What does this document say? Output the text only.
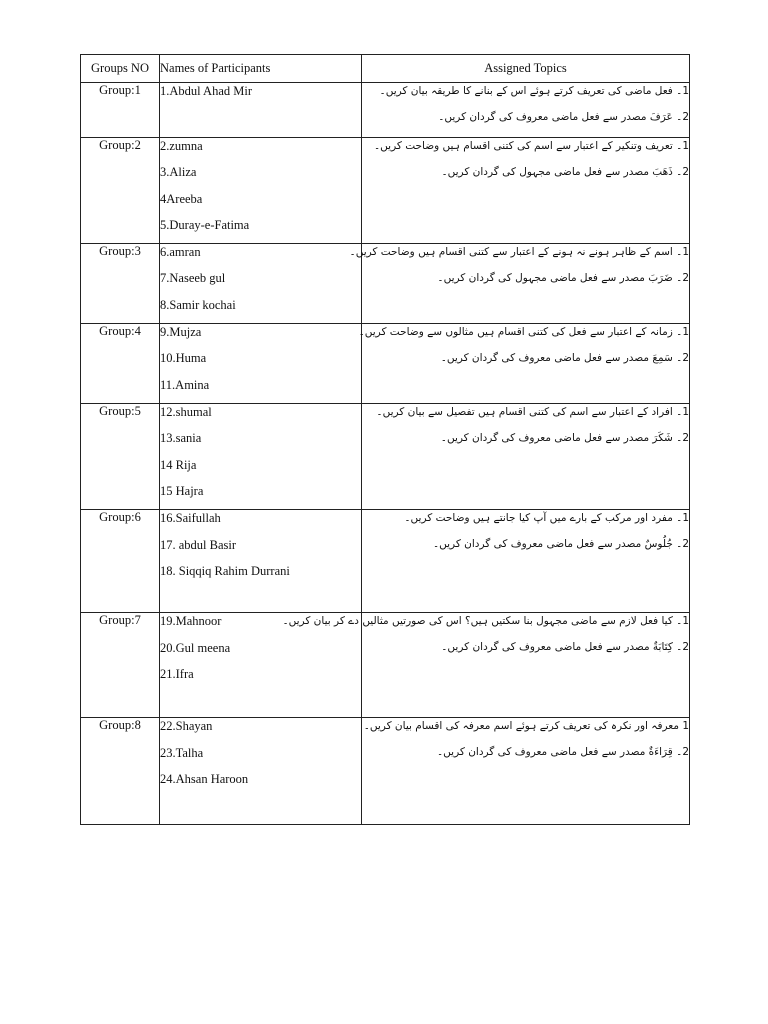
Groups NO	Names of Participants	Assigned Topics
Group:1	1.Abdul Ahad Mir	1۔ فعل ماضی کی تعریف کرتے ہوئے اس کے بنانے کا طریقہ بیان کریں۔
2۔ عَرَفَ مصدر سے فعل ماضی معروف کی گردان کریں۔

Group:2	2.zumna
3.Aliza
4Areeba
5.Duray-e-Fatima	1۔ تعریف وتنکیر کے اعتبار سے اسم کی کتنی اقسام ہیں وضاحت کریں۔
2۔ ذَهَبَ مصدر سے فعل ماضی مجہول کی گردان کریں۔

Group:3	6.amran
7.Naseeb gul
8.Samir kochai	1۔ اسم کے ظاہر ہونے نہ ہونے کے اعتبار سے کتنی اقسام ہیں وضاحت کریں۔
2۔ ضَرَبَ مصدر سے فعل ماضی مجہول کی گردان کریں۔

Group:4	9.Mujza
10.Huma
11.Amina	1۔ زمانہ کے اعتبار سے فعل کی کتنی اقسام ہیں مثالوں سے وضاحت کریں۔
2۔ سَمِعَ مصدر سے فعل ماضی معروف کی گردان کریں۔

Group:5	12.shumal
13.sania
14 Rija
15 Hajra	1۔ افراد کے اعتبار سے اسم کی کتنی اقسام ہیں تفصیل سے بیان کریں۔
2۔ شَكَرَ مصدر سے فعل ماضی معروف کی گردان کریں۔

Group:6	16.Saifullah
17. abdul Basir
18. Siqqiq Rahim Durrani	1۔ مفرد اور مرکب کے بارے میں آپ کیا جانتے ہیں وضاحت کریں۔
2۔ جُلُوسٌ مصدر سے فعل ماضی معروف کی گردان کریں۔

Group:7	19.Mahnoor
20.Gul meena
21.Ifra	1۔ کیا فعل لازم سے ماضی مجہول بنا سکتیں ہیں؟ اس کی صورتیں مثالیں دے کر بیان کریں۔
2۔ كِتَابَةٌ مصدر سے فعل ماضی معروف کی گردان کریں۔

Group:8	22.Shayan
23.Talha
24.Ahsan Haroon	1 معرفہ اور نکرہ کی تعریف کرتے ہوئے اسم معرفہ کی اقسام بیان کریں۔
2۔ قِرَاءَةٌ مصدر سے فعل ماضی معروف کی گردان کریں۔
